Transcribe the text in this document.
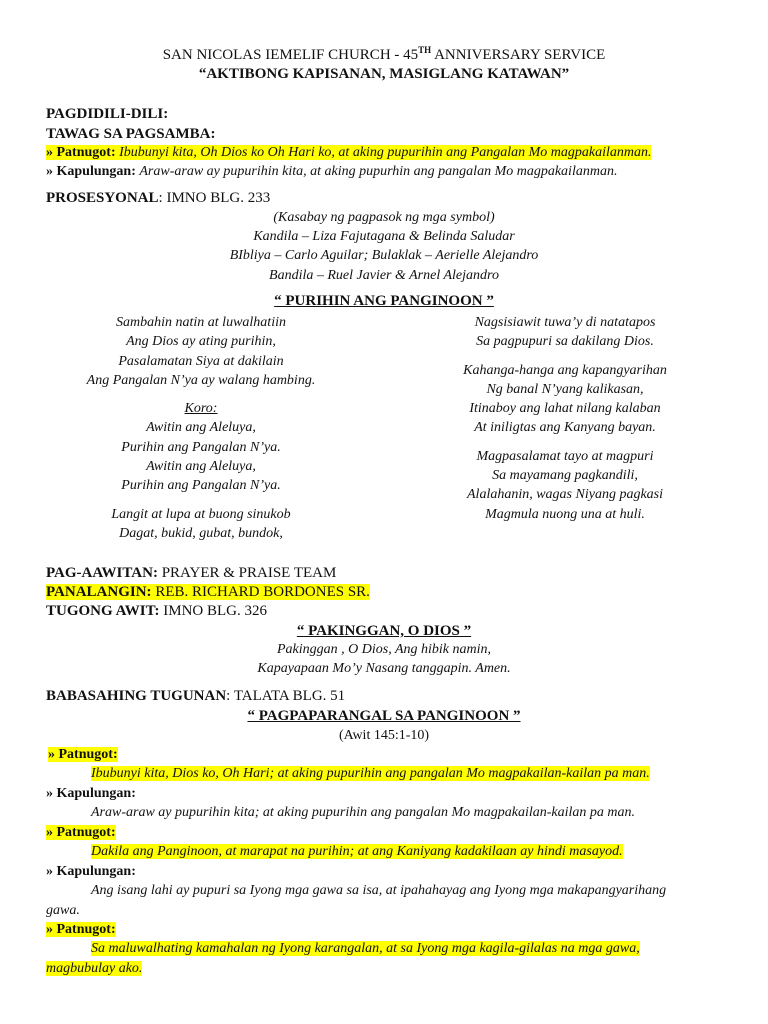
SAN NICOLAS IEMELIF CHURCH - 45TH ANNIVERSARY SERVICE
“AKTIBONG KAPISANAN, MASIGLANG KATAWAN”
PAGDIDILI-DILI:
TAWAG SA PAGSAMBA:
» Patnugot: Ibubunyi kita, Oh Dios ko Oh Hari ko, at aking pupurihin ang Pangalan Mo magpakailanman.
» Kapulungan: Araw-araw ay pupurihin kita, at aking pupurhin ang pangalan Mo magpakailanman.
PROSESYONAL: IMNO BLG. 233
(Kasabay ng pagpasok ng mga symbol)
Kandila – Liza Fajutagana & Belinda Saludar
BIbliya – Carlo Aguilar; Bulaklak – Aerielle Alejandro
Bandila – Ruel Javier & Arnel Alejandro
“ PURIHIN ANG PANGINOON ”
Sambahin natin at luwalhatiin
Ang Dios ay ating purihin,
Pasalamatan Siya at dakilain
Ang Pangalan N’ya ay walang hambing.
Koro:
Awitin ang Aleluya,
Purihin ang Pangalan N’ya.
Awitin ang Aleluya,
Purihin ang Pangalan N’ya.
Langit at lupa at buong sinukob
Dagat, bukid, gubat, bundok,
Nagsisiawit tuwa’y di natatapos
Sa pagpupuri sa dakilang Dios.
Kahanga-hanga ang kapangyarihan
Ng banal N’yang kalikasan,
Itinaboy ang lahat nilang kalaban
At iniligtas ang Kanyang bayan.
Magpasalamat tayo at magpuri
Sa mayamang pagkandili,
Alalahanin, wagas Niyang pagkasi
Magmula nuong una at huli.
PAG-AAWITAN: PRAYER & PRAISE TEAM
PANALANGIN: REB. RICHARD BORDONES SR.
TUGONG AWIT: IMNO BLG. 326
“ PAKINGGAN, O DIOS ”
Pakinggan , O Dios, Ang hibik namin,
Kapayapaan Mo’y Nasang tanggapin. Amen.
BABASAHING TUGUNAN: TALATA BLG. 51
“ PAGPAPARANGAL SA PANGINOON ”
(Awit 145:1-10)
» Patnugot:
Ibubunyi kita, Dios ko, Oh Hari; at aking pupurihin ang pangalan Mo magpakailan-kailan pa man.
» Kapulungan:
Araw-araw ay pupurihin kita; at aking pupurihin ang pangalan Mo magpakailan-kailan pa man.
» Patnugot:
Dakila ang Panginoon, at marapat na purihin; at ang Kaniyang kadakilaan ay hindi masayod.
» Kapulungan:
Ang isang lahi ay pupuri sa Iyong mga gawa sa isa, at ipahahayag ang Iyong mga makapangyarihang
gawa.
» Patnugot:
Sa maluwalhating kamahalan ng Iyong karangalan, at sa Iyong mga kagila-gilalas na mga gawa,
magbubulay ako.
